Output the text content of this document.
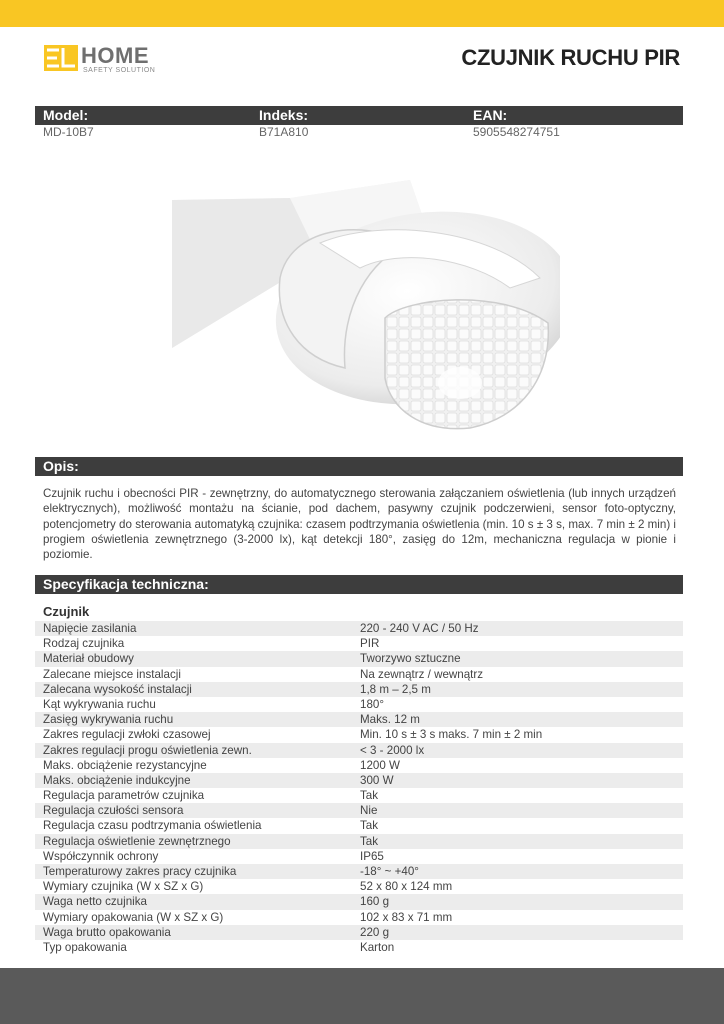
HOME
SAFETY SOLUTION
CZUJNIK RUCHU PIR
Model:	Indeks:	EAN:
MD-10B7	B71A810	5905548274751
Opis:
Czujnik ruchu i obecności PIR - zewnętrzny, do automatycznego sterowania załączaniem oświetlenia (lub innych urządzeń elektrycznych), możliwość montażu na ścianie, pod dachem, pasywny czujnik podczerwieni, sensor foto-optyczny, potencjometry do sterowania automatyką czujnika: czasem podtrzymania oświetlenia (min. 10 s ± 3 s, max. 7 min ± 2 min) i progiem oświetlenia zewnętrznego (3-2000 lx), kąt detekcji 180°, zasięg do 12m, mechaniczna regulacja w pionie i poziomie.
Specyfikacja techniczna:
Czujnik
Napięcie zasilania	220 - 240 V AC / 50 Hz
Rodzaj czujnika	PIR
Materiał obudowy	Tworzywo sztuczne
Zalecane miejsce instalacji	Na zewnątrz / wewnątrz
Zalecana wysokość instalacji	1,8 m – 2,5 m
Kąt wykrywania ruchu	180°
Zasięg wykrywania ruchu	Maks. 12 m
Zakres regulacji zwłoki czasowej	Min. 10 s ± 3 s maks. 7 min ± 2 min
Zakres regulacji progu oświetlenia zewn.	< 3 - 2000 lx
Maks. obciążenie rezystancyjne	1200 W
Maks. obciążenie indukcyjne	300 W
Regulacja parametrów czujnika	Tak
Regulacja czułości sensora	Nie
Regulacja czasu podtrzymania oświetlenia	Tak
Regulacja oświetlenie zewnętrznego	Tak
Współczynnik ochrony	IP65
Temperaturowy zakres pracy czujnika	-18° ~ +40°
Wymiary czujnika (W x SZ x G)	52 x 80 x 124 mm
Waga netto czujnika	160 g
Wymiary opakowania (W x SZ x G)	102 x 83 x 71 mm
Waga brutto opakowania	220 g
Typ opakowania	Karton
